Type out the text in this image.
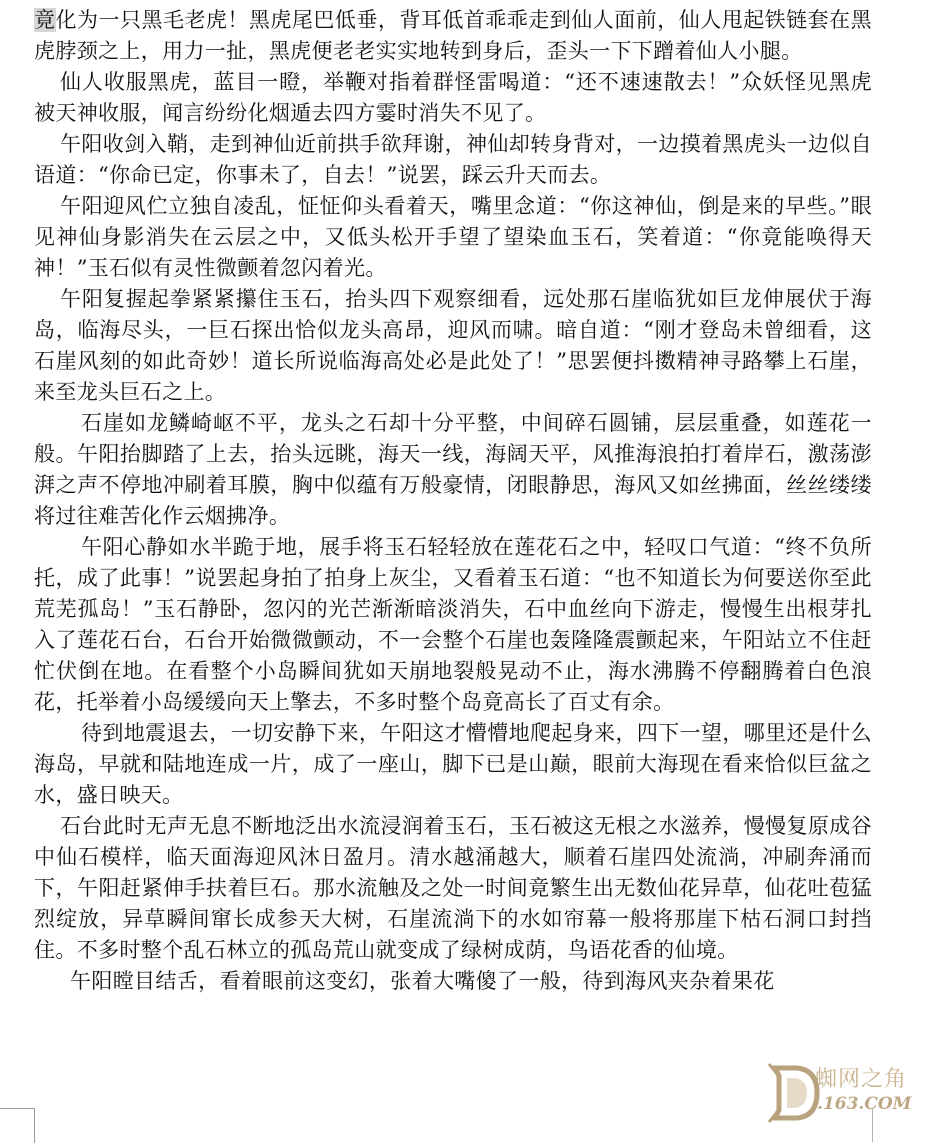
竟化为一只黑毛老虎！黑虎尾巴低垂，背耳低首乖乖走到仙人面前，仙人甩起铁链套在黑虎脖颈之上，用力一扯，黑虎便老老实实地转到身后，歪头一下下蹭着仙人小腿。

仙人收服黑虎，蓝目一瞪，举鞭对指着群怪雷喝道：“还不速速散去！”众妖怪见黑虎被天神收服，闻言纷纷化烟遁去四方霎时消失不见了。

午阳收剑入鞘，走到神仙近前拱手欲拜谢，神仙却转身背对，一边摸着黑虎头一边似自语道：“你命已定，你事未了，自去！”说罢，踩云升天而去。

午阳迎风伫立独自凌乱，怔怔仰头看着天，嘴里念道：“你这神仙，倒是来的早些。”眼见神仙身影消失在云层之中，又低头松开手望了望染血玉石，笑着道：“你竟能唤得天神！”玉石似有灵性微颤着忽闪着光。

午阳复握起拳紧紧攥住玉石，抬头四下观察细看，远处那石崖临犹如巨龙伸展伏于海岛，临海尽头，一巨石探出恰似龙头高昂，迎风而啸。暗自道：“刚才登岛未曾细看，这石崖风刻的如此奇妙！道长所说临海高处必是此处了！”思罢便抖擞精神寻路攀上石崖，来至龙头巨石之上。

石崖如龙鳞崎岖不平，龙头之石却十分平整，中间碎石圆铺，层层重叠，如莲花一般。午阳抬脚踏了上去，抬头远眺，海天一线，海阔天平，风推海浪拍打着岸石，激荡澎湃之声不停地冲刷着耳膜，胸中似蕴有万般豪情，闭眼静思，海风又如丝拂面，丝丝缕缕将过往难苦化作云烟拂净。

午阳心静如水半跪于地，展手将玉石轻轻放在莲花石之中，轻叹口气道：“终不负所托，成了此事！”说罢起身拍了拍身上灰尘，又看着玉石道：“也不知道长为何要送你至此荒芜孤岛！”玉石静卧，忽闪的光芒渐渐暗淡消失，石中血丝向下游走，慢慢生出根芽扎入了莲花石台，石台开始微微颤动，不一会整个石崖也轰隆隆震颤起来，午阳站立不住赶忙伏倒在地。在看整个小岛瞬间犹如天崩地裂般晃动不止，海水沸腾不停翻腾着白色浪花，托举着小岛缓缓向天上擎去，不多时整个岛竟高长了百丈有余。

待到地震退去，一切安静下来，午阳这才懵懵地爬起身来，四下一望，哪里还是什么海岛，早就和陆地连成一片，成了一座山，脚下已是山巅，眼前大海现在看来恰似巨盆之水，盛日映天。

石台此时无声无息不断地泛出水流浸润着玉石，玉石被这无根之水滋养，慢慢复原成谷中仙石模样，临天面海迎风沐日盈月。清水越涌越大，顺着石崖四处流淌，冲刷奔涌而下，午阳赶紧伸手扶着巨石。那水流触及之处一时间竟繁生出无数仙花异草，仙花吐苞猛烈绽放，异草瞬间窜长成参天大树，石崖流淌下的水如帘幕一般将那崖下枯石洞口封挡住。不多时整个乱石林立的孤岛荒山就变成了绿树成荫，鸟语花香的仙境。

午阳瞠目结舌，看着眼前这变幻，张着大嘴傻了一般，待到海风夹杂着果花

蜘网之角
.163.COM
